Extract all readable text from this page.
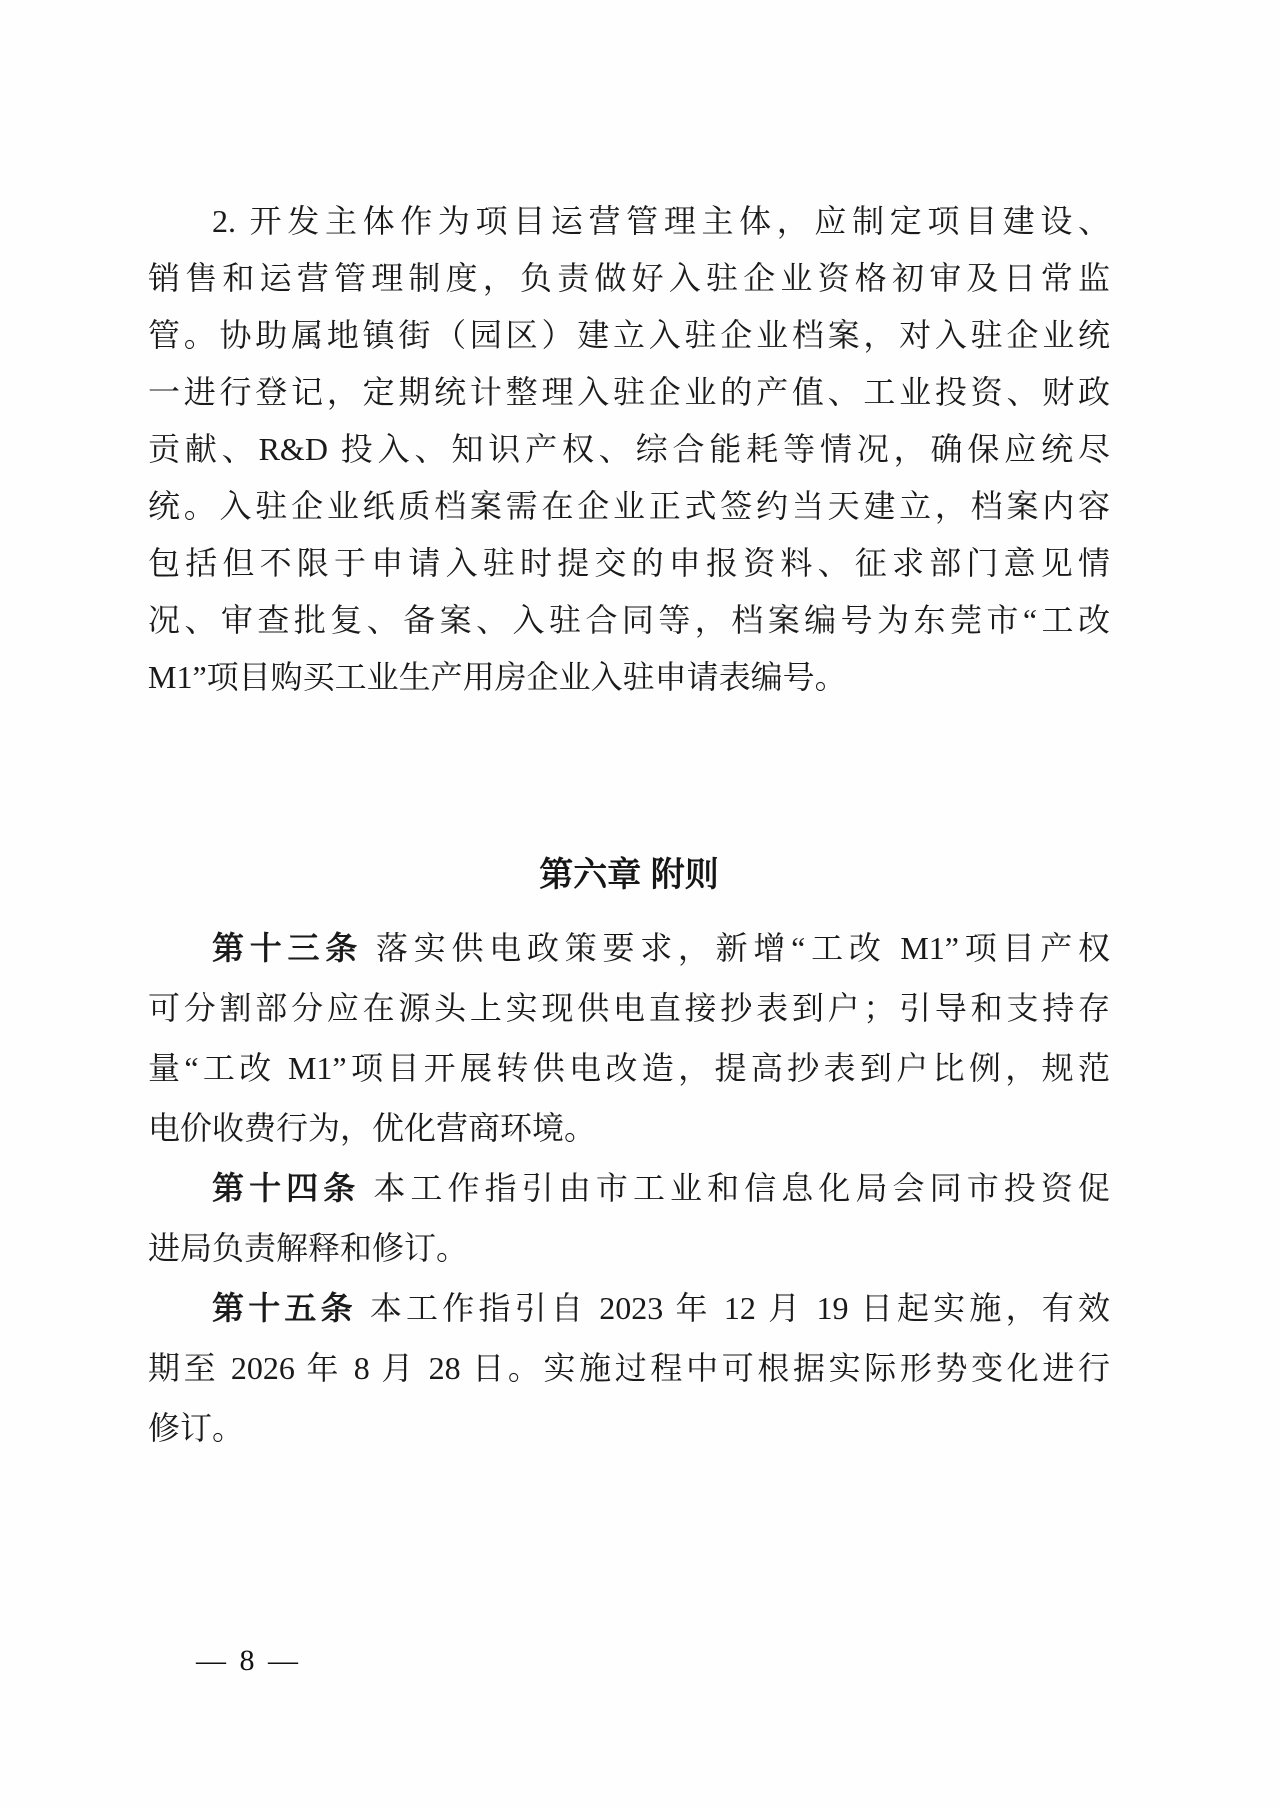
2. 开发主体作为项目运营管理主体，应制定项目建设、
销售和运营管理制度，负责做好入驻企业资格初审及日常监
管。协助属地镇街（园区）建立入驻企业档案，对入驻企业统
一进行登记，定期统计整理入驻企业的产值、工业投资、财政
贡献、R&D 投入、知识产权、综合能耗等情况，确保应统尽
统。入驻企业纸质档案需在企业正式签约当天建立，档案内容
包括但不限于申请入驻时提交的申报资料、征求部门意见情
况、审查批复、备案、入驻合同等，档案编号为东莞市“工改
M1”项目购买工业生产用房企业入驻申请表编号。
第六章 附则
第十三条 落实供电政策要求，新增“工改 M1”项目产权
可分割部分应在源头上实现供电直接抄表到户；引导和支持存
量“工改 M1”项目开展转供电改造，提高抄表到户比例，规范
电价收费行为，优化营商环境。
第十四条 本工作指引由市工业和信息化局会同市投资促
进局负责解释和修订。
第十五条 本工作指引自 2023 年 12 月 19 日起实施，有效
期至 2026 年 8 月 28 日。实施过程中可根据实际形势变化进行
修订。
— 8 —
